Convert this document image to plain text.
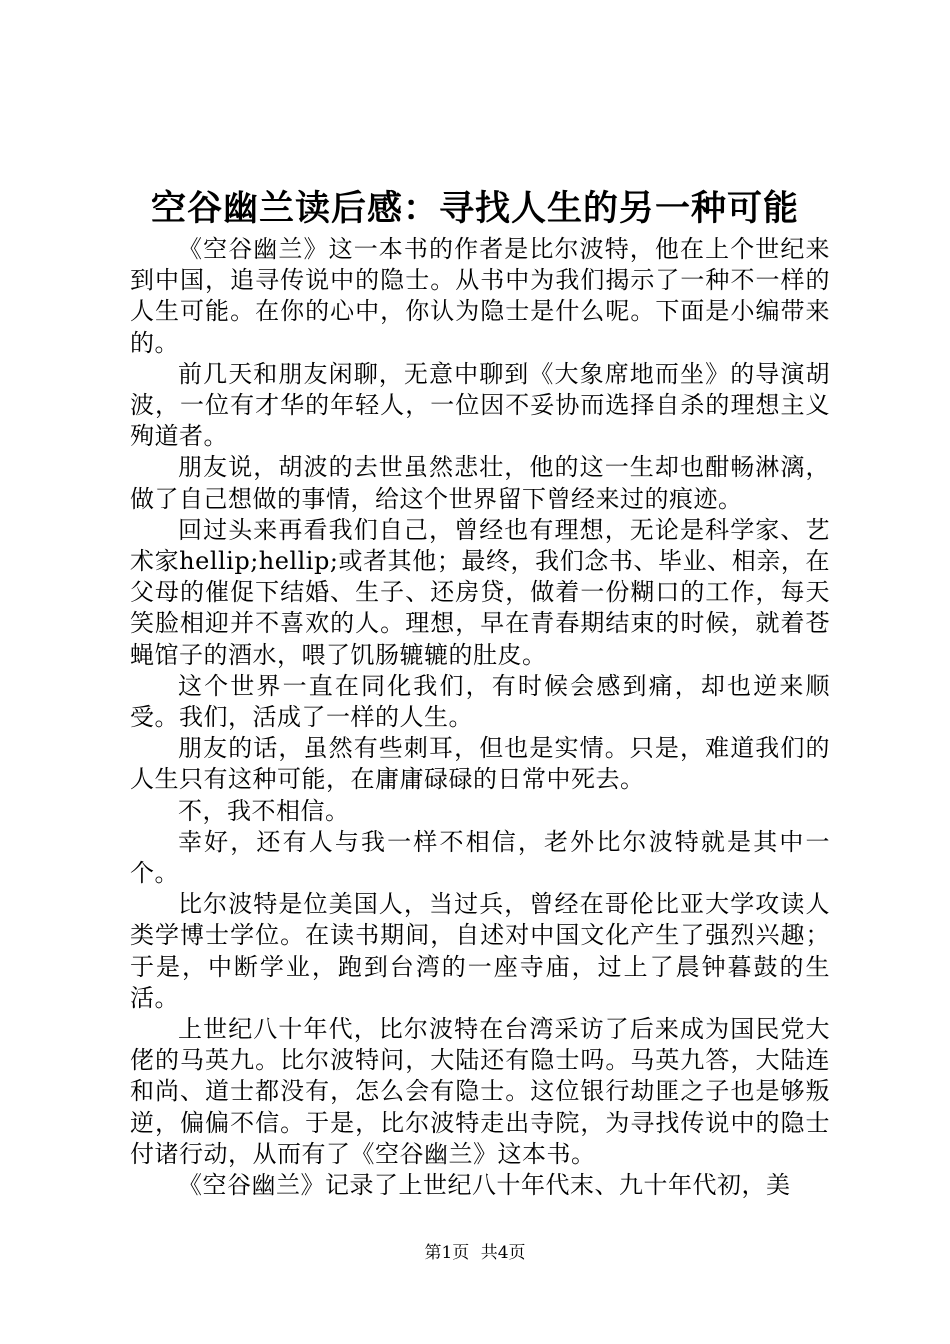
空谷幽兰读后感：寻找人生的另一种可能

《空谷幽兰》这一本书的作者是比尔波特，他在上个世纪来到中国，追寻传说中的隐士。从书中为我们揭示了一种不一样的人生可能。在你的心中，你认为隐士是什么呢。下面是小编带来的。

前几天和朋友闲聊，无意中聊到《大象席地而坐》的导演胡波，一位有才华的年轻人，一位因不妥协而选择自杀的理想主义殉道者。

朋友说，胡波的去世虽然悲壮，他的这一生却也酣畅淋漓，做了自己想做的事情，给这个世界留下曾经来过的痕迹。

回过头来再看我们自己，曾经也有理想，无论是科学家、艺术家hellip;hellip;或者其他；最终，我们念书、毕业、相亲，在父母的催促下结婚、生子、还房贷，做着一份糊口的工作，每天笑脸相迎并不喜欢的人。理想，早在青春期结束的时候，就着苍蝇馆子的酒水，喂了饥肠辘辘的肚皮。

这个世界一直在同化我们，有时候会感到痛，却也逆来顺受。我们，活成了一样的人生。

朋友的话，虽然有些刺耳，但也是实情。只是，难道我们的人生只有这种可能，在庸庸碌碌的日常中死去。

不，我不相信。

幸好，还有人与我一样不相信，老外比尔波特就是其中一个。

比尔波特是位美国人，当过兵，曾经在哥伦比亚大学攻读人类学博士学位。在读书期间，自述对中国文化产生了强烈兴趣；于是，中断学业，跑到台湾的一座寺庙，过上了晨钟暮鼓的生活。

上世纪八十年代，比尔波特在台湾采访了后来成为国民党大佬的马英九。比尔波特问，大陆还有隐士吗。马英九答，大陆连和尚、道士都没有，怎么会有隐士。这位银行劫匪之子也是够叛逆，偏偏不信。于是，比尔波特走出寺院，为寻找传说中的隐士付诸行动，从而有了《空谷幽兰》这本书。

《空谷幽兰》记录了上世纪八十年代末、九十年代初，美

第1页 共4页
